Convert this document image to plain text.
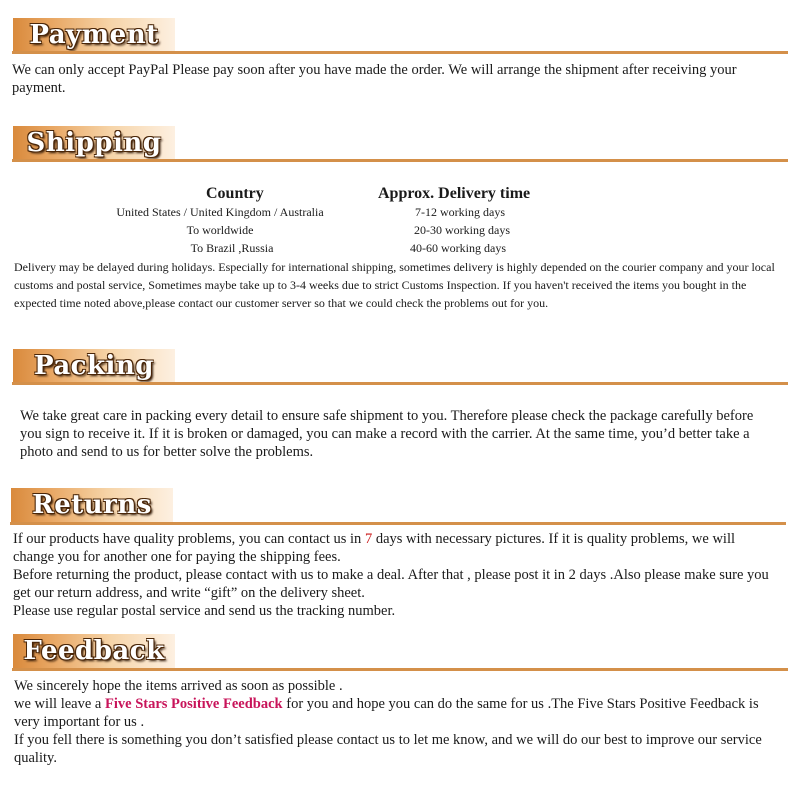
Payment
We can only accept PayPal Please pay soon after you have made the order. We will arrange the shipment after receiving your payment.
Shipping
Country	Approx. Delivery time
United States / United Kingdom / Australia	7-12 working days
To worldwide	20-30 working days
To Brazil ,Russia	40-60 working days
Delivery may be delayed during holidays. Especially for international shipping, sometimes delivery is highly depended on the courier company and your local customs and postal service, Sometimes maybe take up to 3-4 weeks due to strict Customs Inspection. If you haven't received the items you bought in the expected time noted above,please contact our customer server so that we could check the problems out for you.
Packing
We take great care in packing every detail to ensure safe shipment to you. Therefore please check the package carefully before you sign to receive it. If it is broken or damaged, you can make a record with the carrier. At the same time, you’d better take a photo and send to us for better solve the problems.
Returns
If our products have quality problems, you can contact us in 7 days with necessary pictures. If it is quality problems, we will change you for another one for paying the shipping fees.
Before returning the product, please contact with us to make a deal. After that , please post it in 2 days .Also please make sure you get our return address, and write “gift” on the delivery sheet.
Please use regular postal service and send us the tracking number.
Feedback
We sincerely hope the items arrived as soon as possible .
we will leave a Five Stars Positive Feedback for you and hope you can do the same for us .The Five Stars Positive Feedback is very important for us .
If you fell there is something you don’t satisfied please contact us to let me know, and we will do our best to improve our service quality.
